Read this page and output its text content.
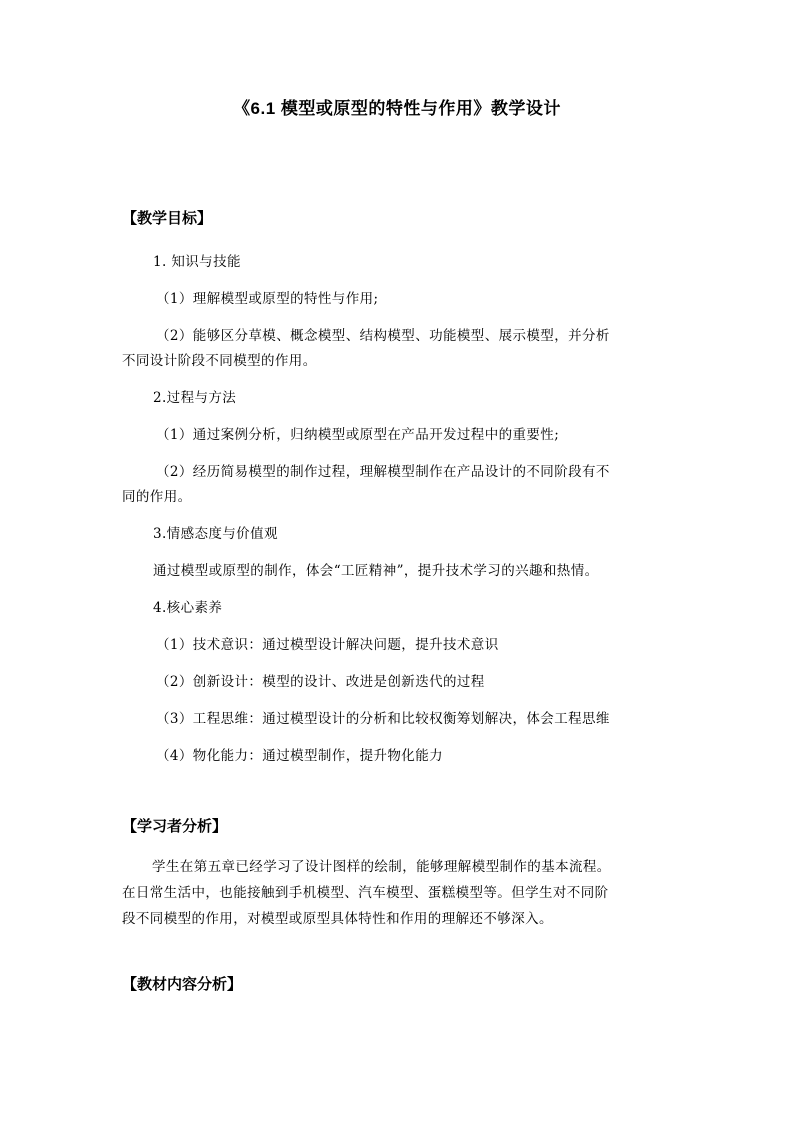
《6.1 模型或原型的特性与作用》教学设计
【教学目标】
1. 知识与技能
（1）理解模型或原型的特性与作用;
（2）能够区分草模、概念模型、结构模型、功能模型、展示模型，并分析
不同设计阶段不同模型的作用。
2.过程与方法
（1）通过案例分析，归纳模型或原型在产品开发过程中的重要性;
（2）经历简易模型的制作过程，理解模型制作在产品设计的不同阶段有不
同的作用。
3.情感态度与价值观
通过模型或原型的制作，体会“工匠精神”，提升技术学习的兴趣和热情。
4.核心素养
（1）技术意识：通过模型设计解决问题，提升技术意识
（2）创新设计：模型的设计、改进是创新迭代的过程
（3）工程思维：通过模型设计的分析和比较权衡筹划解决，体会工程思维
（4）物化能力：通过模型制作，提升物化能力
【学习者分析】
学生在第五章已经学习了设计图样的绘制，能够理解模型制作的基本流程。
在日常生活中，也能接触到手机模型、汽车模型、蛋糕模型等。但学生对不同阶
段不同模型的作用，对模型或原型具体特性和作用的理解还不够深入。
【教材内容分析】
